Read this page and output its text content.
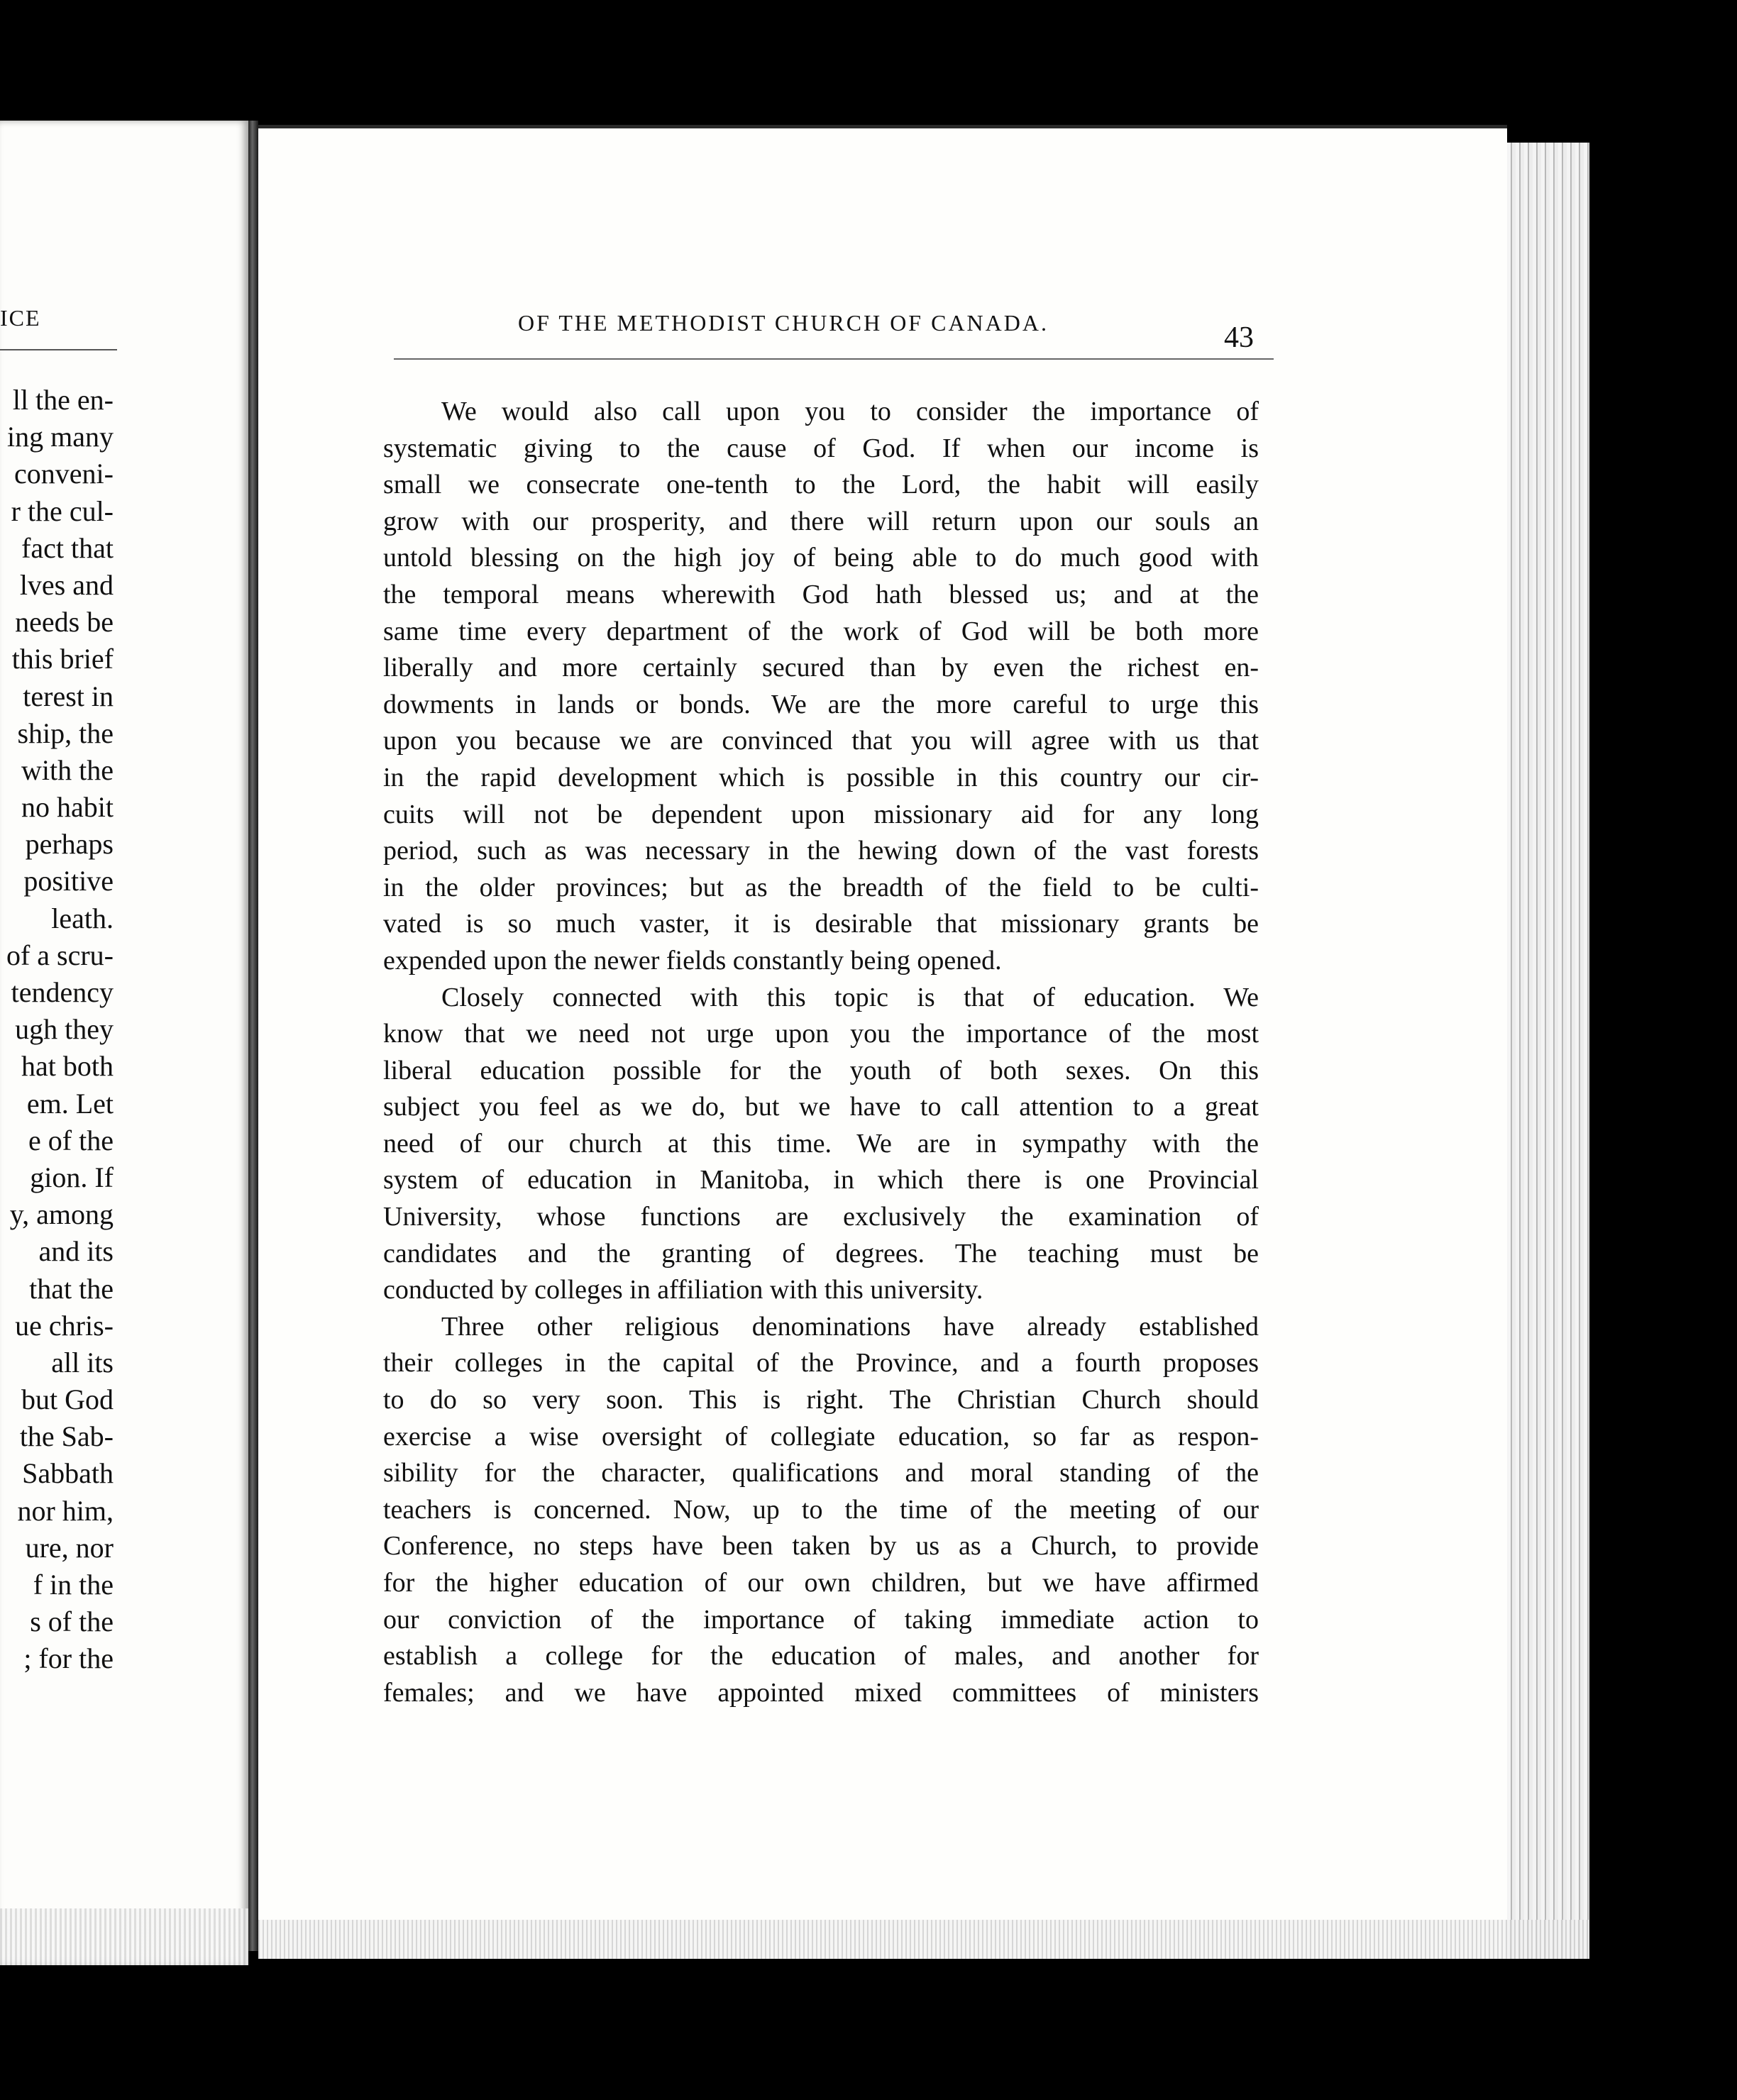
ICE
ll the en-
ing many
conveni-
r the cul-
fact that
lves and
needs be
this brief
terest in
ship, the
with the
no habit
perhaps
positive
leath.
of a scru-
tendency
ugh they
hat both
em. Let
e of the
gion. If
y, among
and its
that the
ue chris-
all its
but God
the Sab-
Sabbath
nor him,
ure, nor
f in the
s of the
; for the
OF THE METHODIST CHURCH OF CANADA.	43
We would also call upon you to consider the importance of
systematic giving to the cause of God. If when our income is
small we consecrate one-tenth to the Lord, the habit will easily
grow with our prosperity, and there will return upon our souls an
untold blessing on the high joy of being able to do much good with
the temporal means wherewith God hath blessed us; and at the
same time every department of the work of God will be both more
liberally and more certainly secured than by even the richest en-
dowments in lands or bonds. We are the more careful to urge this
upon you because we are convinced that you will agree with us that
in the rapid development which is possible in this country our cir-
cuits will not be dependent upon missionary aid for any long
period, such as was necessary in the hewing down of the vast forests
in the older provinces; but as the breadth of the field to be culti-
vated is so much vaster, it is desirable that missionary grants be
expended upon the newer fields constantly being opened.
Closely connected with this topic is that of education. We
know that we need not urge upon you the importance of the most
liberal education possible for the youth of both sexes. On this
subject you feel as we do, but we have to call attention to a great
need of our church at this time. We are in sympathy with the
system of education in Manitoba, in which there is one Provincial
University, whose functions are exclusively the examination of
candidates and the granting of degrees. The teaching must be
conducted by colleges in affiliation with this university.
Three other religious denominations have already established
their colleges in the capital of the Province, and a fourth proposes
to do so very soon. This is right. The Christian Church should
exercise a wise oversight of collegiate education, so far as respon-
sibility for the character, qualifications and moral standing of the
teachers is concerned. Now, up to the time of the meeting of our
Conference, no steps have been taken by us as a Church, to provide
for the higher education of our own children, but we have affirmed
our conviction of the importance of taking immediate action to
establish a college for the education of males, and another for
females; and we have appointed mixed committees of ministers
